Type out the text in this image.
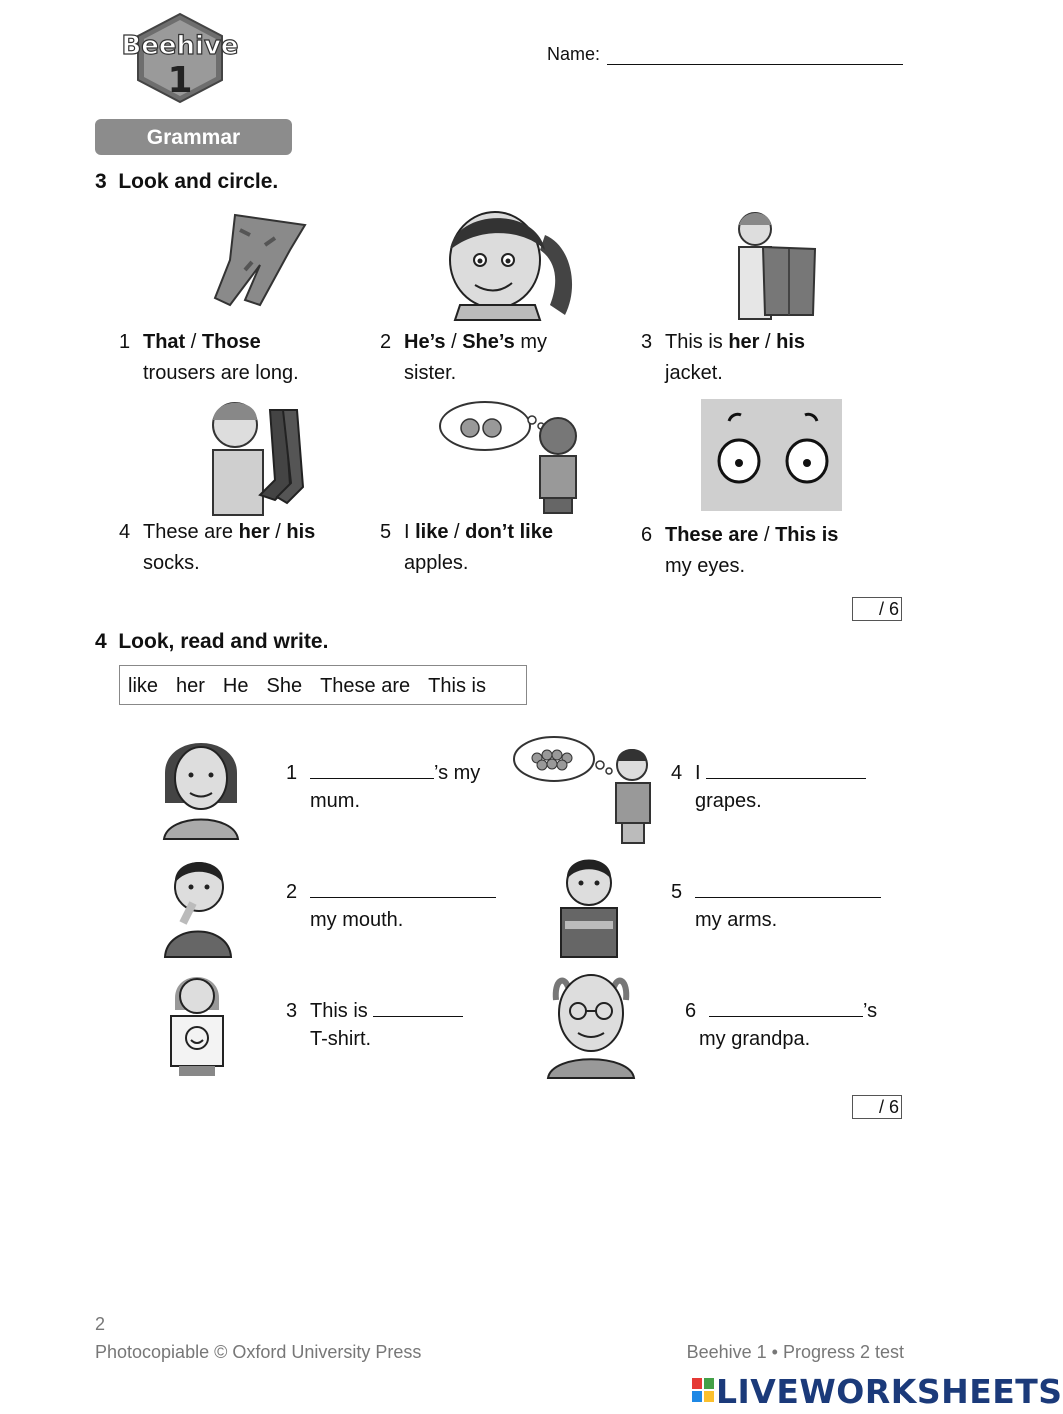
Beehive
1
Name:
Grammar
3 Look and circle.
1 That / Those
trousers are long.
2 He’s / She’s my
sister.
3 This is her / his
jacket.
4 These are her / his
socks.
5 I like / don’t like
apples.
6 These are / This is
my eyes.
/ 6
4 Look, read and write.
like her He She These are This is
1	’s my
mum.
4 I
grapes.
2
my mouth.
5
my arms.
3 This is
T-shirt.
6	’s
my grandpa.
/ 6
2
Photocopiable © Oxford University Press	Beehive 1 • Progress 2 test
LIVEWORKSHEETS
